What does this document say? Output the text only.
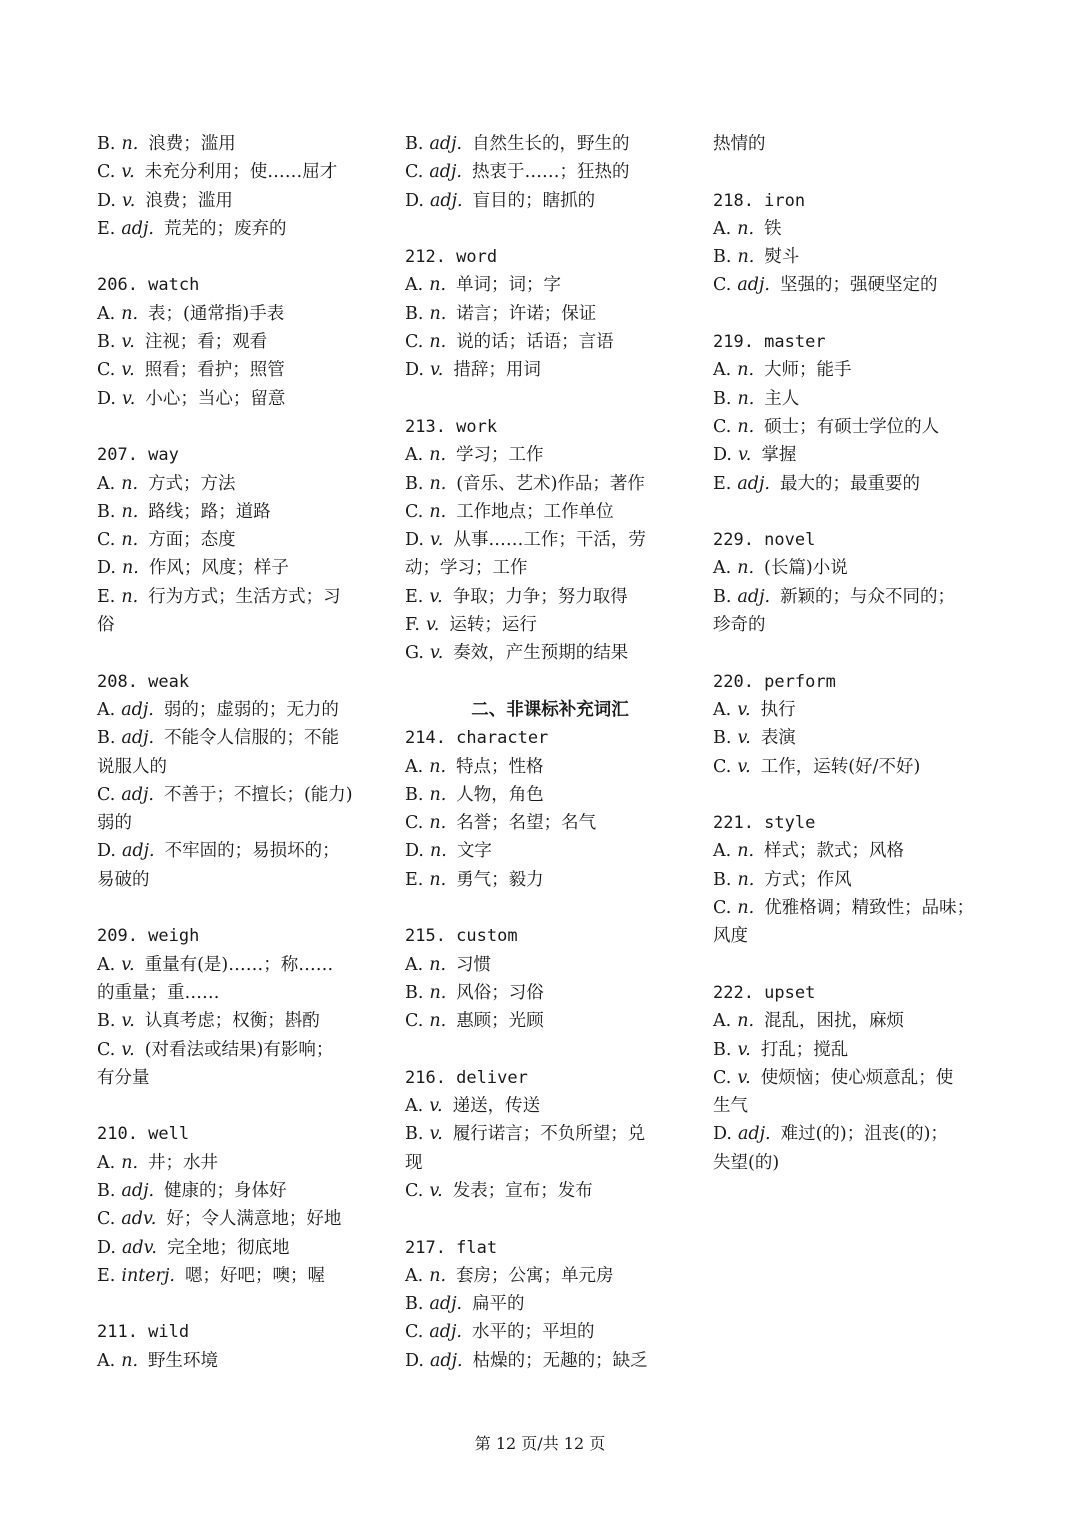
B. n. 浪费；滥用
C. v. 未充分利用；使……屈才
D. v. 浪费；滥用
E. adj. 荒芜的；废弃的
206. watch
A. n. 表；(通常指)手表
B. v. 注视；看；观看
C. v. 照看；看护；照管
D. v. 小心；当心；留意
207. way
A. n. 方式；方法
B. n. 路线；路；道路
C. n. 方面；态度
D. n. 作风；风度；样子
E. n. 行为方式；生活方式；习
俗
208. weak
A. adj. 弱的；虚弱的；无力的
B. adj. 不能令人信服的；不能
说服人的
C. adj. 不善于；不擅长；(能力)
弱的
D. adj. 不牢固的；易损坏的；
易破的
209. weigh
A. v. 重量有(是)……；称……
的重量；重……
B. v. 认真考虑；权衡；斟酌
C. v. (对看法或结果)有影响；
有分量
210. well
A. n. 井；水井
B. adj. 健康的；身体好
C. adv. 好；令人满意地；好地
D. adv. 完全地；彻底地
E. interj. 嗯；好吧；噢；喔
211. wild
A. n. 野生环境
B. adj. 自然生长的，野生的
C. adj. 热衷于……；狂热的
D. adj. 盲目的；瞎抓的
212. word
A. n. 单词；词；字
B. n. 诺言；许诺；保证
C. n. 说的话；话语；言语
D. v. 措辞；用词
213. work
A. n. 学习；工作
B. n. (音乐、艺术)作品；著作
C. n. 工作地点；工作单位
D. v. 从事……工作；干活，劳
动；学习；工作
E. v. 争取；力争；努力取得
F. v. 运转；运行
G. v. 奏效，产生预期的结果
二、非课标补充词汇
214. character
A. n. 特点；性格
B. n. 人物，角色
C. n. 名誉；名望；名气
D. n. 文字
E. n. 勇气；毅力
215. custom
A. n. 习惯
B. n. 风俗；习俗
C. n. 惠顾；光顾
216. deliver
A. v. 递送，传送
B. v. 履行诺言；不负所望；兑
现
C. v. 发表；宣布；发布
217. flat
A. n. 套房；公寓；单元房
B. adj. 扁平的
C. adj. 水平的；平坦的
D. adj. 枯燥的；无趣的；缺乏
热情的
218. iron
A. n. 铁
B. n. 熨斗
C. adj. 坚强的；强硬坚定的
219. master
A. n. 大师；能手
B. n. 主人
C. n. 硕士；有硕士学位的人
D. v. 掌握
E. adj. 最大的；最重要的
229. novel
A. n. (长篇)小说
B. adj. 新颖的；与众不同的；
珍奇的
220. perform
A. v. 执行
B. v. 表演
C. v. 工作，运转(好/不好)
221. style
A. n. 样式；款式；风格
B. n. 方式；作风
C. n. 优雅格调；精致性；品味；
风度
222. upset
A. n. 混乱，困扰，麻烦
B. v. 打乱；搅乱
C. v. 使烦恼；使心烦意乱；使
生气
D. adj. 难过(的)；沮丧(的)；
失望(的)
第 12 页/共 12 页
